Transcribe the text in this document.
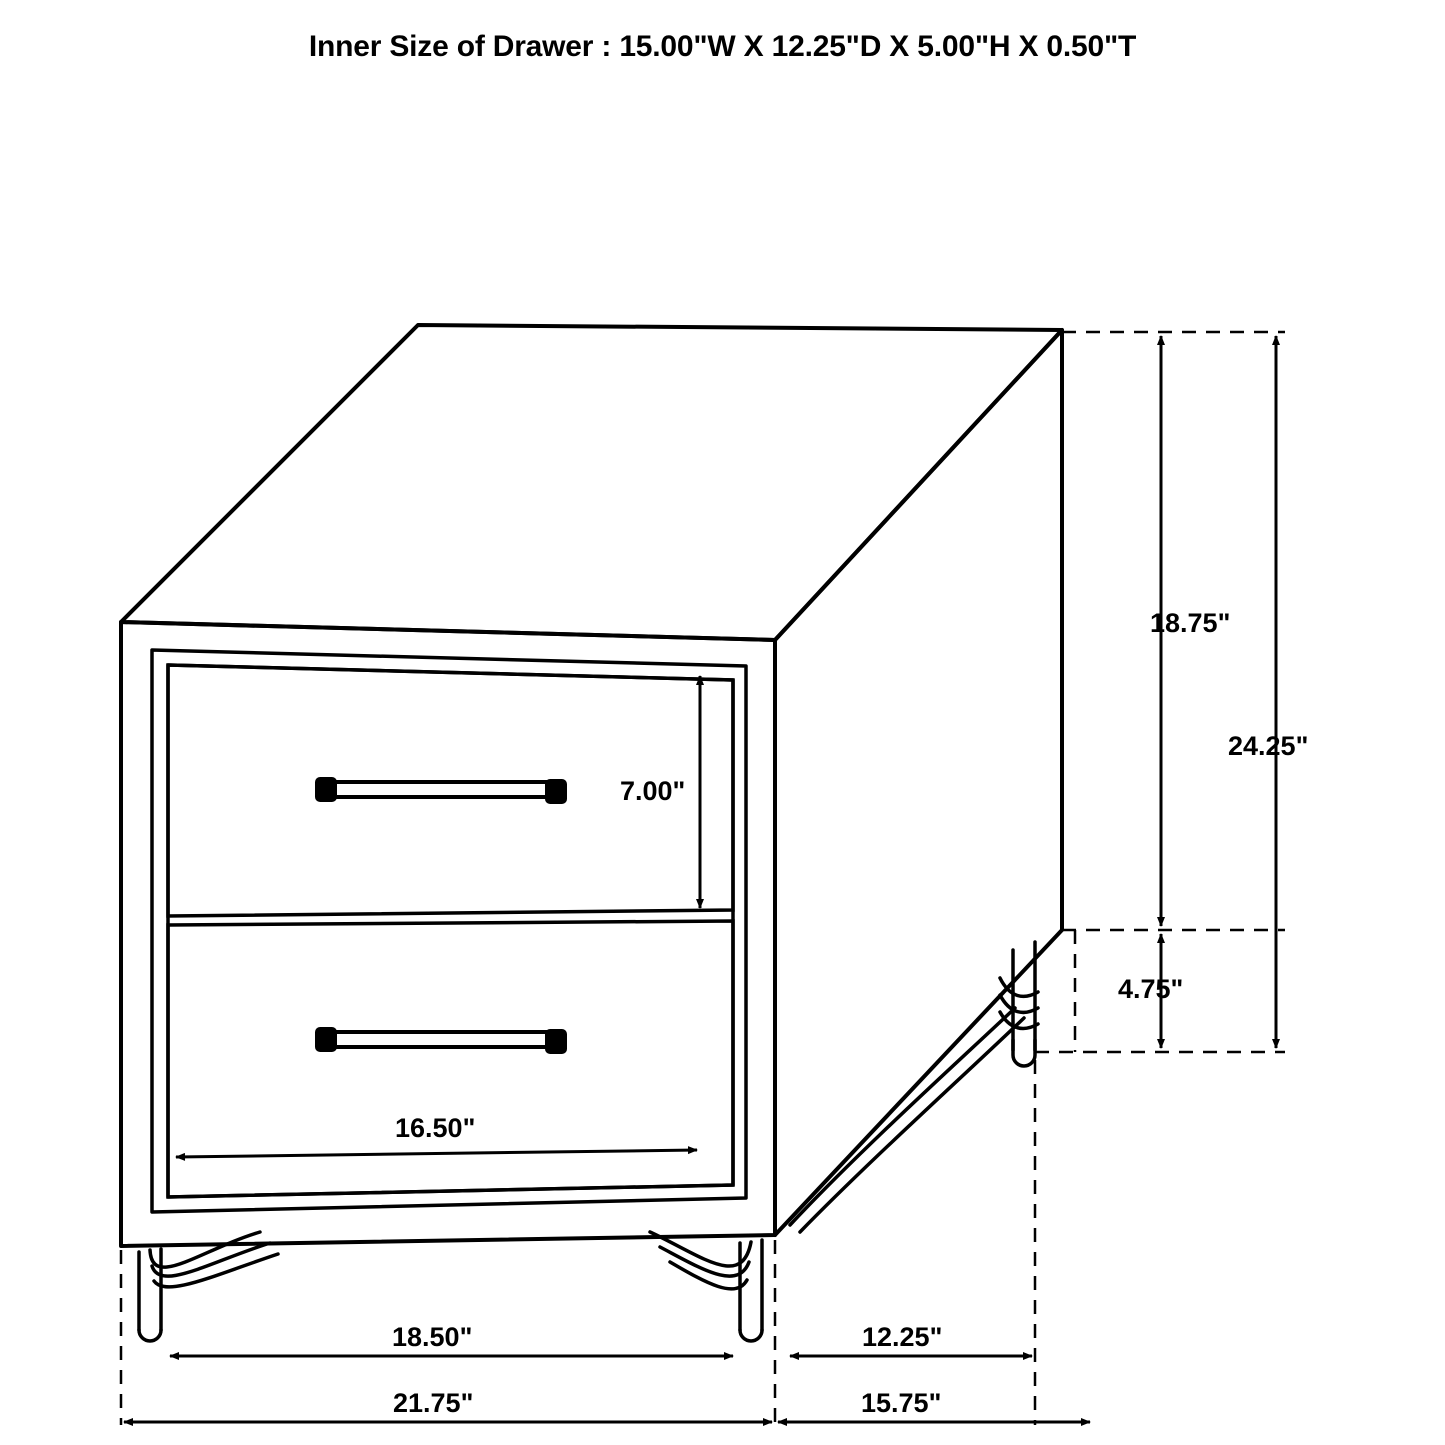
Inner Size of Drawer : 15.00"W X 12.25"D X 5.00"H X 0.50"T
18.75"
24.25"
7.00"
4.75"
16.50"
18.50"	12.25"
21.75"	15.75"
